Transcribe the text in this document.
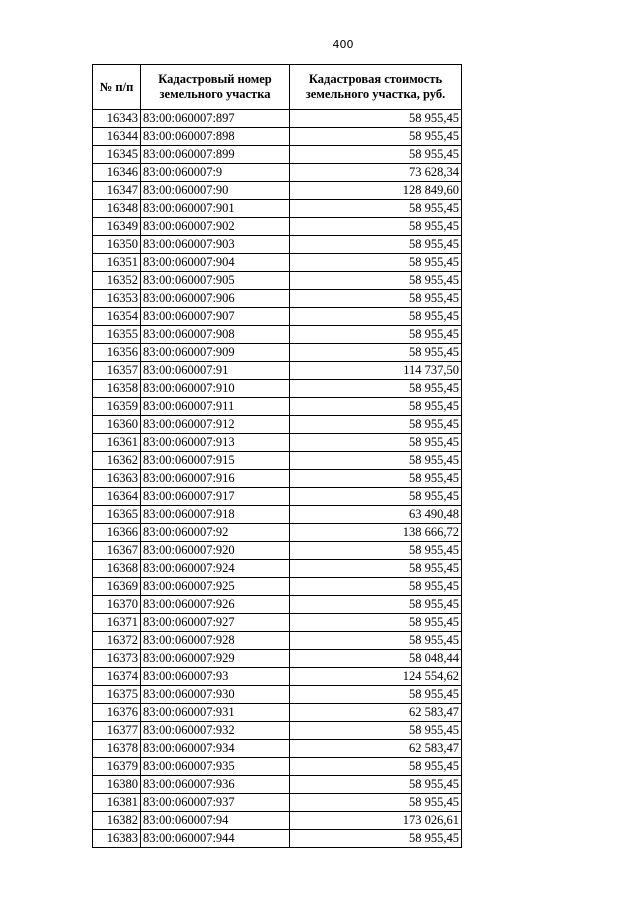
400
№ п/п	Кадастровый номер земельного участка	Кадастровая стоимость земельного участка, руб.
16343	83:00:060007:897	58 955,45
16344	83:00:060007:898	58 955,45
16345	83:00:060007:899	58 955,45
16346	83:00:060007:9	73 628,34
16347	83:00:060007:90	128 849,60
16348	83:00:060007:901	58 955,45
16349	83:00:060007:902	58 955,45
16350	83:00:060007:903	58 955,45
16351	83:00:060007:904	58 955,45
16352	83:00:060007:905	58 955,45
16353	83:00:060007:906	58 955,45
16354	83:00:060007:907	58 955,45
16355	83:00:060007:908	58 955,45
16356	83:00:060007:909	58 955,45
16357	83:00:060007:91	114 737,50
16358	83:00:060007:910	58 955,45
16359	83:00:060007:911	58 955,45
16360	83:00:060007:912	58 955,45
16361	83:00:060007:913	58 955,45
16362	83:00:060007:915	58 955,45
16363	83:00:060007:916	58 955,45
16364	83:00:060007:917	58 955,45
16365	83:00:060007:918	63 490,48
16366	83:00:060007:92	138 666,72
16367	83:00:060007:920	58 955,45
16368	83:00:060007:924	58 955,45
16369	83:00:060007:925	58 955,45
16370	83:00:060007:926	58 955,45
16371	83:00:060007:927	58 955,45
16372	83:00:060007:928	58 955,45
16373	83:00:060007:929	58 048,44
16374	83:00:060007:93	124 554,62
16375	83:00:060007:930	58 955,45
16376	83:00:060007:931	62 583,47
16377	83:00:060007:932	58 955,45
16378	83:00:060007:934	62 583,47
16379	83:00:060007:935	58 955,45
16380	83:00:060007:936	58 955,45
16381	83:00:060007:937	58 955,45
16382	83:00:060007:94	173 026,61
16383	83:00:060007:944	58 955,45
